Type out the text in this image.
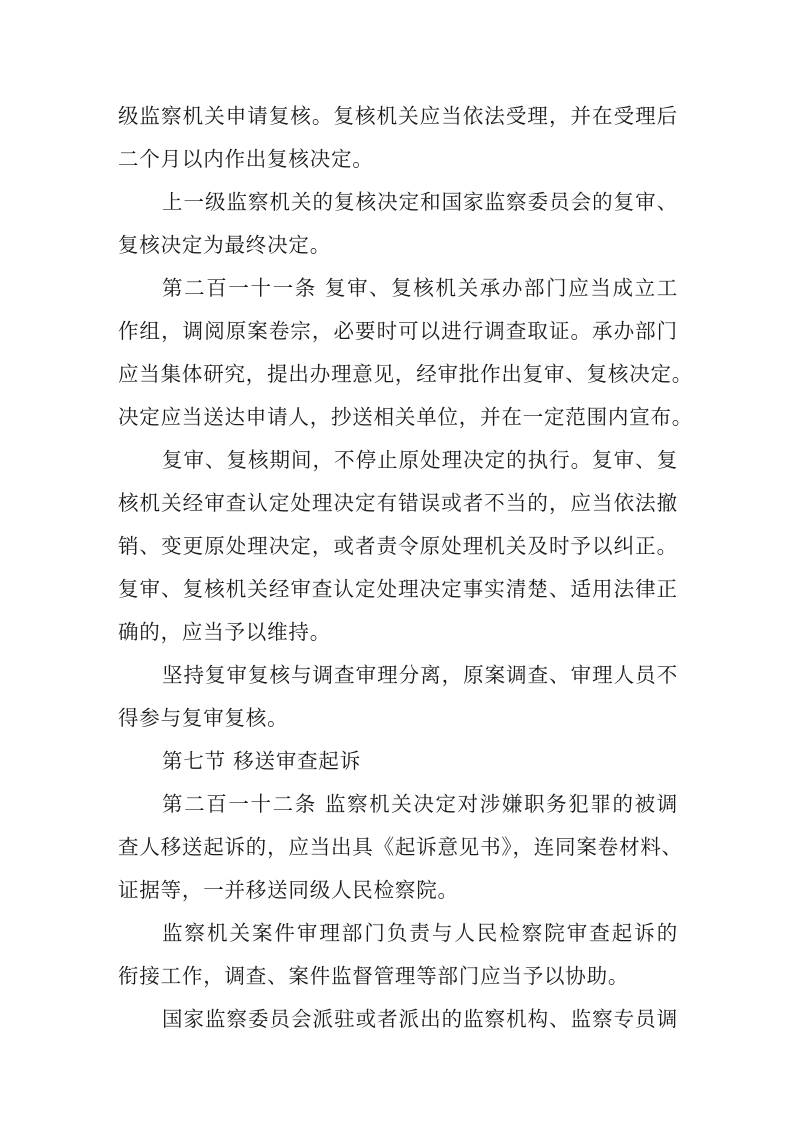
级监察机关申请复核。复核机关应当依法受理，并在受理后
二个月以内作出复核决定。
上一级监察机关的复核决定和国家监察委员会的复审、
复核决定为最终决定。
第二百一十一条 复审、复核机关承办部门应当成立工
作组，调阅原案卷宗，必要时可以进行调查取证。承办部门
应当集体研究，提出办理意见，经审批作出复审、复核决定。
决定应当送达申请人，抄送相关单位，并在一定范围内宣布。
复审、复核期间，不停止原处理决定的执行。复审、复
核机关经审查认定处理决定有错误或者不当的，应当依法撤
销、变更原处理决定，或者责令原处理机关及时予以纠正。
复审、复核机关经审查认定处理决定事实清楚、适用法律正
确的，应当予以维持。
坚持复审复核与调查审理分离，原案调查、审理人员不
得参与复审复核。
第七节 移送审查起诉
第二百一十二条 监察机关决定对涉嫌职务犯罪的被调
查人移送起诉的，应当出具《起诉意见书》，连同案卷材料、
证据等，一并移送同级人民检察院。
监察机关案件审理部门负责与人民检察院审查起诉的
衔接工作，调查、案件监督管理等部门应当予以协助。
国家监察委员会派驻或者派出的监察机构、监察专员调
